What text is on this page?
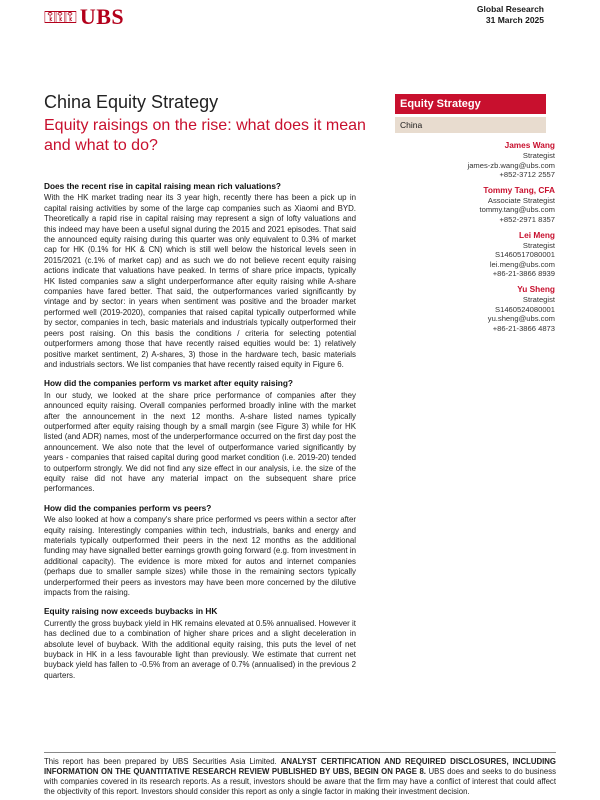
⚿⚿⚿ UBS	Global Research
31 March 2025
China Equity Strategy
Equity raisings on the rise: what does it mean and what to do?
Equity Strategy
China
James Wang
Strategist
james-zb.wang@ubs.com
+852-3712 2557
Tommy Tang, CFA
Associate Strategist
tommy.tang@ubs.com
+852-2971 8357
Lei Meng
Strategist
S1460517080001
lei.meng@ubs.com
+86-21-3866 8939
Yu Sheng
Strategist
S1460524080001
yu.sheng@ubs.com
+86-21-3866 4873
Does the recent rise in capital raising mean rich valuations?

With the HK market trading near its 3 year high, recently there has been a pick up in capital raising activities by some of the large cap companies such as Xiaomi and BYD. Theoretically a rapid rise in capital raising may represent a sign of lofty valuations and this indeed may have been a useful signal during the 2015 and 2021 episodes. That said the announced equity raising during this quarter was only equivalent to 0.3% of market cap for HK (0.1% for HK & CN) which is still well below the historical levels seen in 2015/2021 (c.1% of market cap) and as such we do not believe recent equity raising actions indicate that valuations have peaked. In terms of share price impacts, typically HK listed companies saw a slight underperformance after equity raising while A-share companies have fared better. That said, the outperformances varied significantly by vintage and by sector: in years when sentiment was positive and the broader market performed well (2019-2020), companies that raised capital typically outperformed while by sector, companies in tech, basic materials and industrials typically outperformed their peers post raising. On this basis the conditions / criteria for selecting potential outperformers among those that have recently raised equities would be: 1) relatively positive market sentiment, 2) A-shares, 3) those in the hardware tech, basic materials and industrials sectors. We list companies that have recently raised equity in Figure 6.

How did the companies perform vs market after equity raising?

In our study, we looked at the share price performance of companies after they announced equity raising. Overall companies performed broadly inline with the market after the announcement in the next 12 months. A-share listed names typically outperformed after equity raising though by a small margin (see Figure 3) while for HK listed (and ADR) names, most of the underperformance occurred on the first day post the announcement. We also note that the level of outperformance varied significantly by years - companies that raised capital during good market condition (i.e. 2019-20) tended to outperform strongly. We did not find any size effect in our analysis, i.e. the size of the equity raise did not have any material impact on the subsequent share price performances.

How did the companies perform vs peers?

We also looked at how a company's share price performed vs peers within a sector after equity raising. Interestingly companies within tech, industrials, banks and energy and materials typically outperformed their peers in the next 12 months as the additional funding may have signalled better earnings growth going forward (e.g. from investment in additional capacity). The evidence is more mixed for autos and internet companies (perhaps due to smaller sample sizes) while those in the remaining sectors typically underperformed their peers as investors may have been more concerned by the dilutive impacts from the raising.

Equity raising now exceeds buybacks in HK

Currently the gross buyback yield in HK remains elevated at 0.5% annualised. However it has declined due to a combination of higher share prices and a slight deceleration in absolute level of buyback. With the additional equity raising, this puts the level of net buyback in HK in a less favourable light than previously. We estimate that current net buyback yield has fallen to -0.5% from an average of 0.7% (annualised) in the previous 2 quarters.

This report has been prepared by UBS Securities Asia Limited. ANALYST CERTIFICATION AND REQUIRED DISCLOSURES, INCLUDING INFORMATION ON THE QUANTITATIVE RESEARCH REVIEW PUBLISHED BY UBS, BEGIN ON PAGE 8. UBS does and seeks to do business with companies covered in its research reports. As a result, investors should be aware that the firm may have a conflict of interest that could affect the objectivity of this report. Investors should consider this report as only a single factor in making their investment decision.
